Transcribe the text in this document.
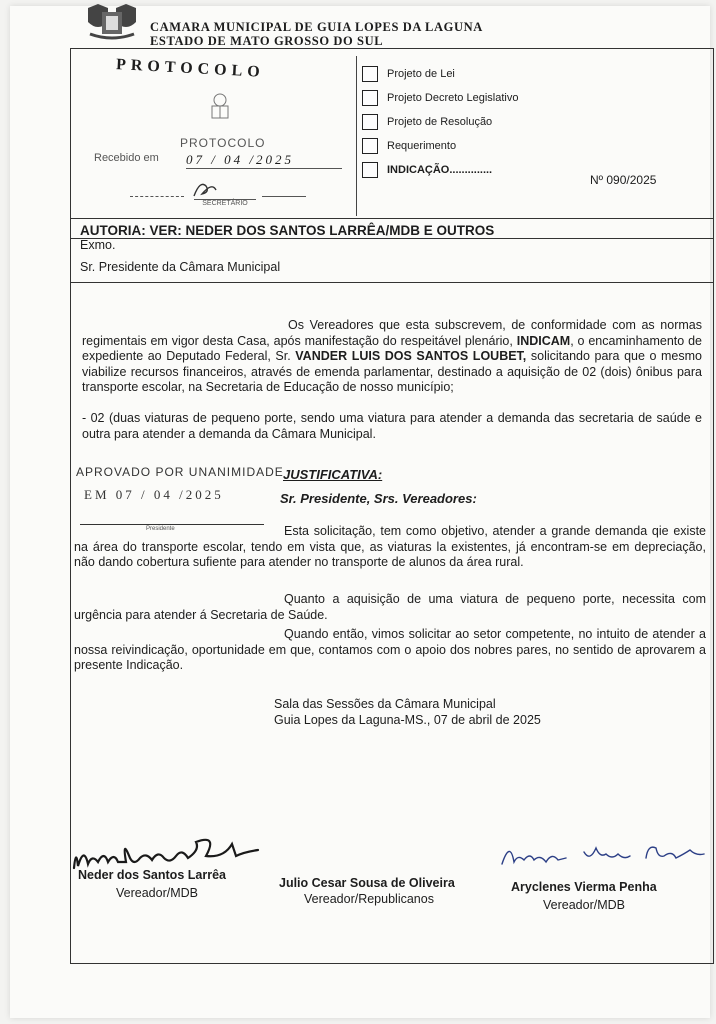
CAMARA MUNICIPAL DE GUIA LOPES DA LAGUNA
ESTADO DE MATO GROSSO DO SUL
PROTOCOLO
PROTOCOLO
Recebido em 07 / 04 /2025
SECRETÁRIO
Projeto de Lei
Projeto Decreto Legislativo
Projeto de Resolução
Requerimento
INDICAÇÃO..............
Nº 090/2025
AUTORIA: VER: NEDER DOS SANTOS LARRÊA/MDB E OUTROS
Exmo.
Sr. Presidente da Câmara Municipal

Os Vereadores que esta subscrevem, de conformidade com as normas regimentais em vigor desta Casa, após manifestação do respeitável plenário, INDICAM, o encaminhamento de expediente ao Deputado Federal, Sr. VANDER LUIS DOS SANTOS LOUBET, solicitando para que o mesmo viabilize recursos financeiros, através de emenda parlamentar, destinado a aquisição de 02 (dois) ônibus para transporte escolar, na Secretaria de Educação de nosso município;

- 02 (duas viaturas de pequeno porte, sendo uma viatura para atender a demanda das secretaria de saúde e outra para atender a demanda da Câmara Municipal.

APROVADO POR UNANIMIDADE JUSTIFICATIVA:
EM 07 / 04 /2025	Sr. Presidente, Srs. Vereadores:
Presidente	Esta solicitação, tem como objetivo, atender a grande demanda qie existe na área do transporte escolar, tendo em vista que, as viaturas la existentes, já encontram-se em depreciação, não dando cobertura sufiente para atender no transporte de alunos da área rural.

Quanto a aquisição de uma viatura de pequeno porte, necessita com urgência para atender á Secretaria de Saúde.

Quando então, vimos solicitar ao setor competente, no intuito de atender a nossa reivindicação, oportunidade em que, contamos com o apoio dos nobres pares, no sentido de aprovarem a presente Indicação.

Sala das Sessões da Câmara Municipal
Guia Lopes da Laguna-MS., 07 de abril de 2025
Neder dos Santos Larrêa
Vereador/MDB
Julio Cesar Sousa de Oliveira
Vereador/Republicanos
Aryclenes Vierma Penha
Vereador/MDB
